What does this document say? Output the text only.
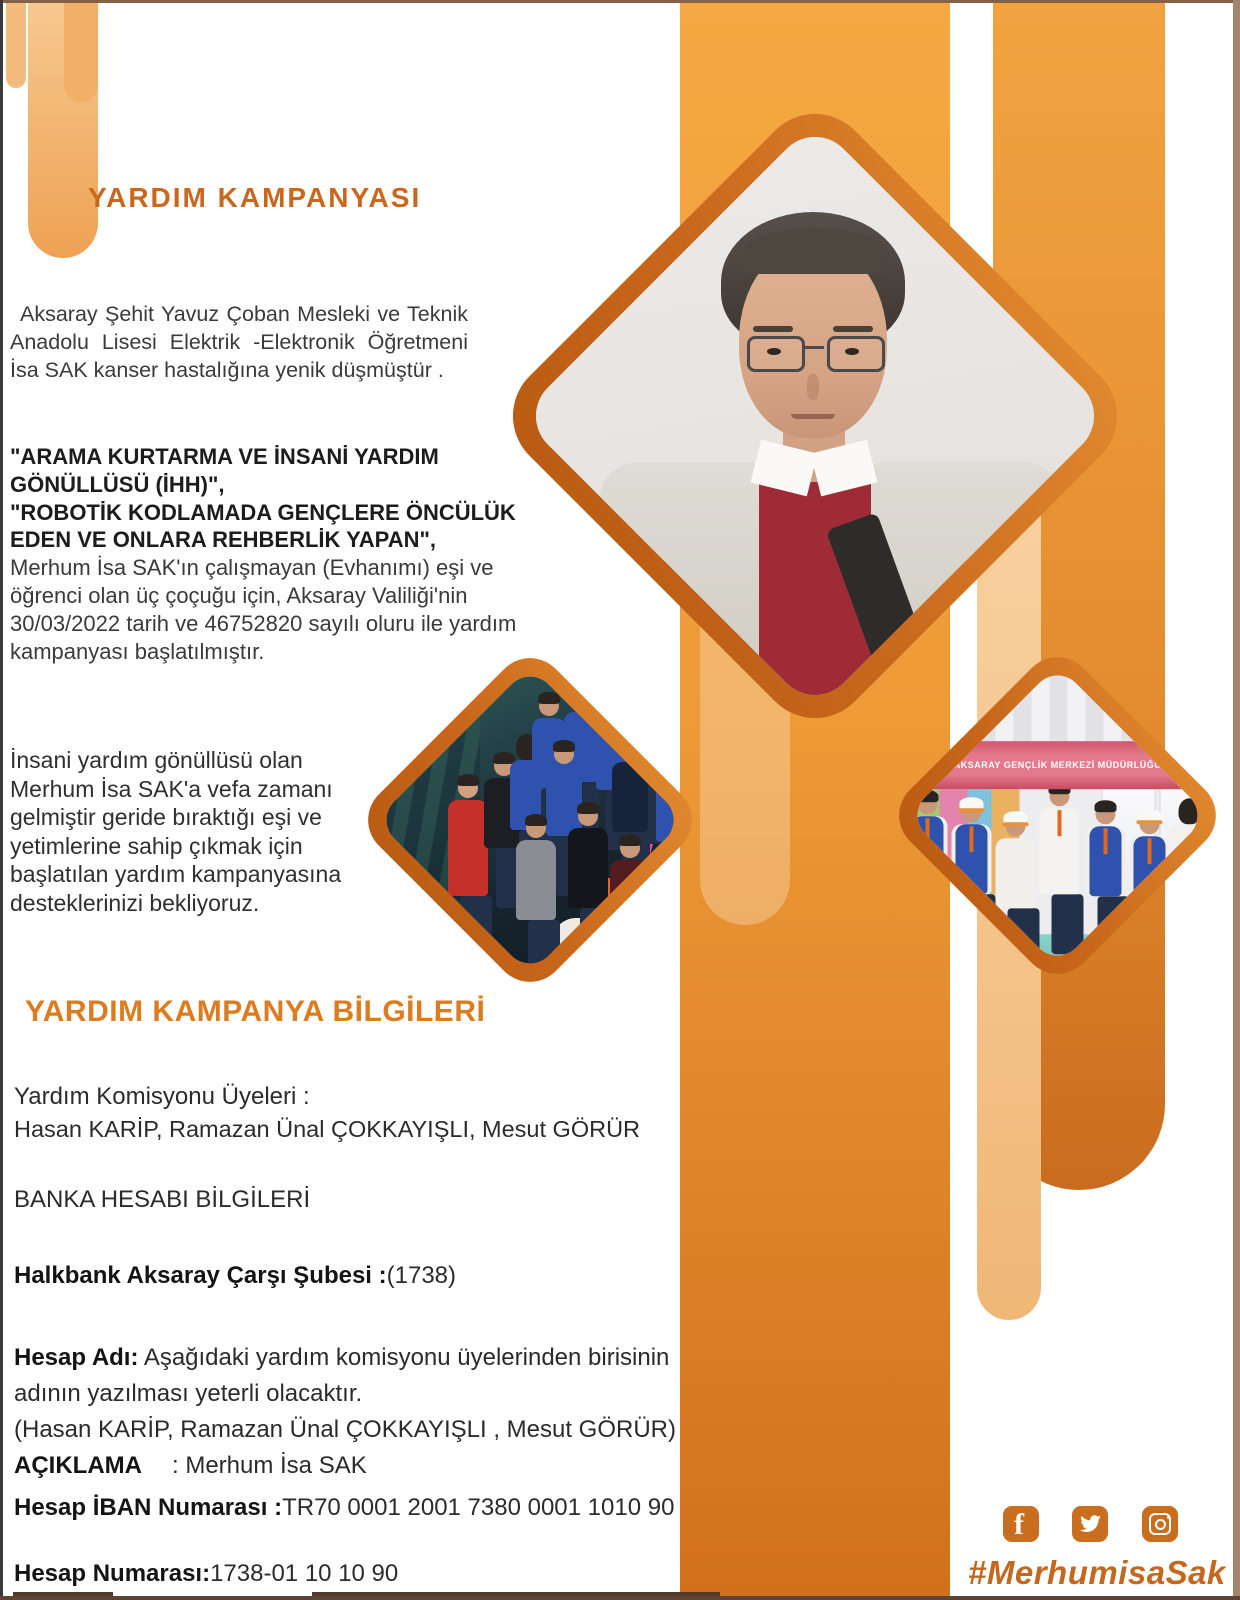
AKSARAY GENÇLİK MERKEZİ MÜDÜRLÜĞÜ
YARDIM KAMPANYASI
Aksaray Şehit Yavuz Çoban Mesleki ve Teknik Anadolu Lisesi Elektrik -Elektronik Öğretmeni İsa SAK kanser hastalığına yenik düşmüştür .
"ARAMA KURTARMA VE İNSANİ YARDIM GÖNÜLLÜSÜ (İHH)",
"ROBOTİK KODLAMADA GENÇLERE ÖNCÜLÜK EDEN VE ONLARA REHBERLİK YAPAN", Merhum İsa SAK'ın çalışmayan (Evhanımı) eşi ve öğrenci olan üç çoçuğu için, Aksaray Valiliği'nin 30/03/2022 tarih ve 46752820 sayılı oluru ile yardım kampanyası başlatılmıştır.
İnsani yardım gönüllüsü olan Merhum İsa SAK'a vefa zamanı gelmiştir geride bıraktığı eşi ve yetimlerine sahip çıkmak için başlatılan yardım kampanyasına desteklerinizi bekliyoruz.
YARDIM KAMPANYA BİLGİLERİ
Yardım Komisyonu Üyeleri :
Hasan KARİP, Ramazan Ünal ÇOKKAYIŞLI, Mesut GÖRÜR
BANKA HESABI BİLGİLERİ
Halkbank Aksaray Çarşı Şubesi :(1738)
Hesap Adı: Aşağıdaki yardım komisyonu üyelerinden birisinin adının yazılması yeterli olacaktır.
(Hasan KARİP, Ramazan Ünal ÇOKKAYIŞLI , Mesut GÖRÜR)
AÇIKLAMA : Merhum İsa SAK
Hesap İBAN Numarası :TR70 0001 2001 7380 0001 1010 90
Hesap Numarası:1738-01 10 10 90
f
#MerhumisaSak
